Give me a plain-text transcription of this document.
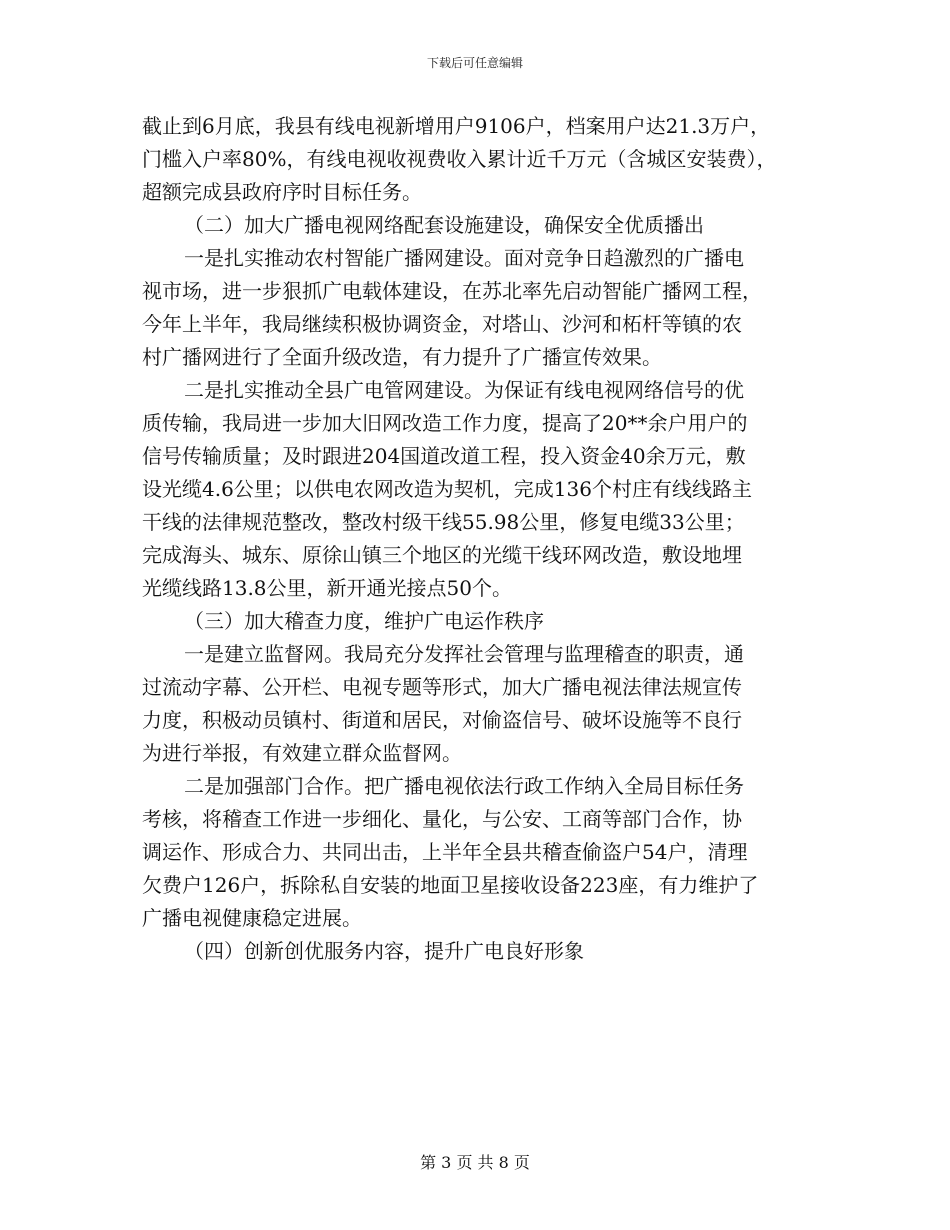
下载后可任意编辑

截止到6月底，我县有线电视新增用户9106户，档案用户达21.3万户，

门槛入户率80%，有线电视收视费收入累计近千万元（含城区安装费），

超额完成县政府序时目标任务。

（二）加大广播电视网络配套设施建设，确保安全优质播出

一是扎实推动农村智能广播网建设。面对竞争日趋激烈的广播电

视市场，进一步狠抓广电载体建设，在苏北率先启动智能广播网工程，

今年上半年，我局继续积极协调资金，对塔山、沙河和柘杆等镇的农

村广播网进行了全面升级改造，有力提升了广播宣传效果。

二是扎实推动全县广电管网建设。为保证有线电视网络信号的优

质传输，我局进一步加大旧网改造工作力度，提高了20**余户用户的

信号传输质量；及时跟进204国道改道工程，投入资金40余万元，敷

设光缆4.6公里；以供电农网改造为契机，完成136个村庄有线线路主

干线的法律规范整改，整改村级干线55.98公里，修复电缆33公里；

完成海头、城东、原徐山镇三个地区的光缆干线环网改造，敷设地埋

光缆线路13.8公里，新开通光接点50个。

（三）加大稽查力度，维护广电运作秩序

一是建立监督网。我局充分发挥社会管理与监理稽查的职责，通

过流动字幕、公开栏、电视专题等形式，加大广播电视法律法规宣传

力度，积极动员镇村、街道和居民，对偷盗信号、破坏设施等不良行

为进行举报，有效建立群众监督网。

二是加强部门合作。把广播电视依法行政工作纳入全局目标任务

考核，将稽查工作进一步细化、量化，与公安、工商等部门合作，协

调运作、形成合力、共同出击，上半年全县共稽查偷盗户54户，清理

欠费户126户，拆除私自安装的地面卫星接收设备223座，有力维护了

广播电视健康稳定进展。

（四）创新创优服务内容，提升广电良好形象

第 3 页 共 8 页
